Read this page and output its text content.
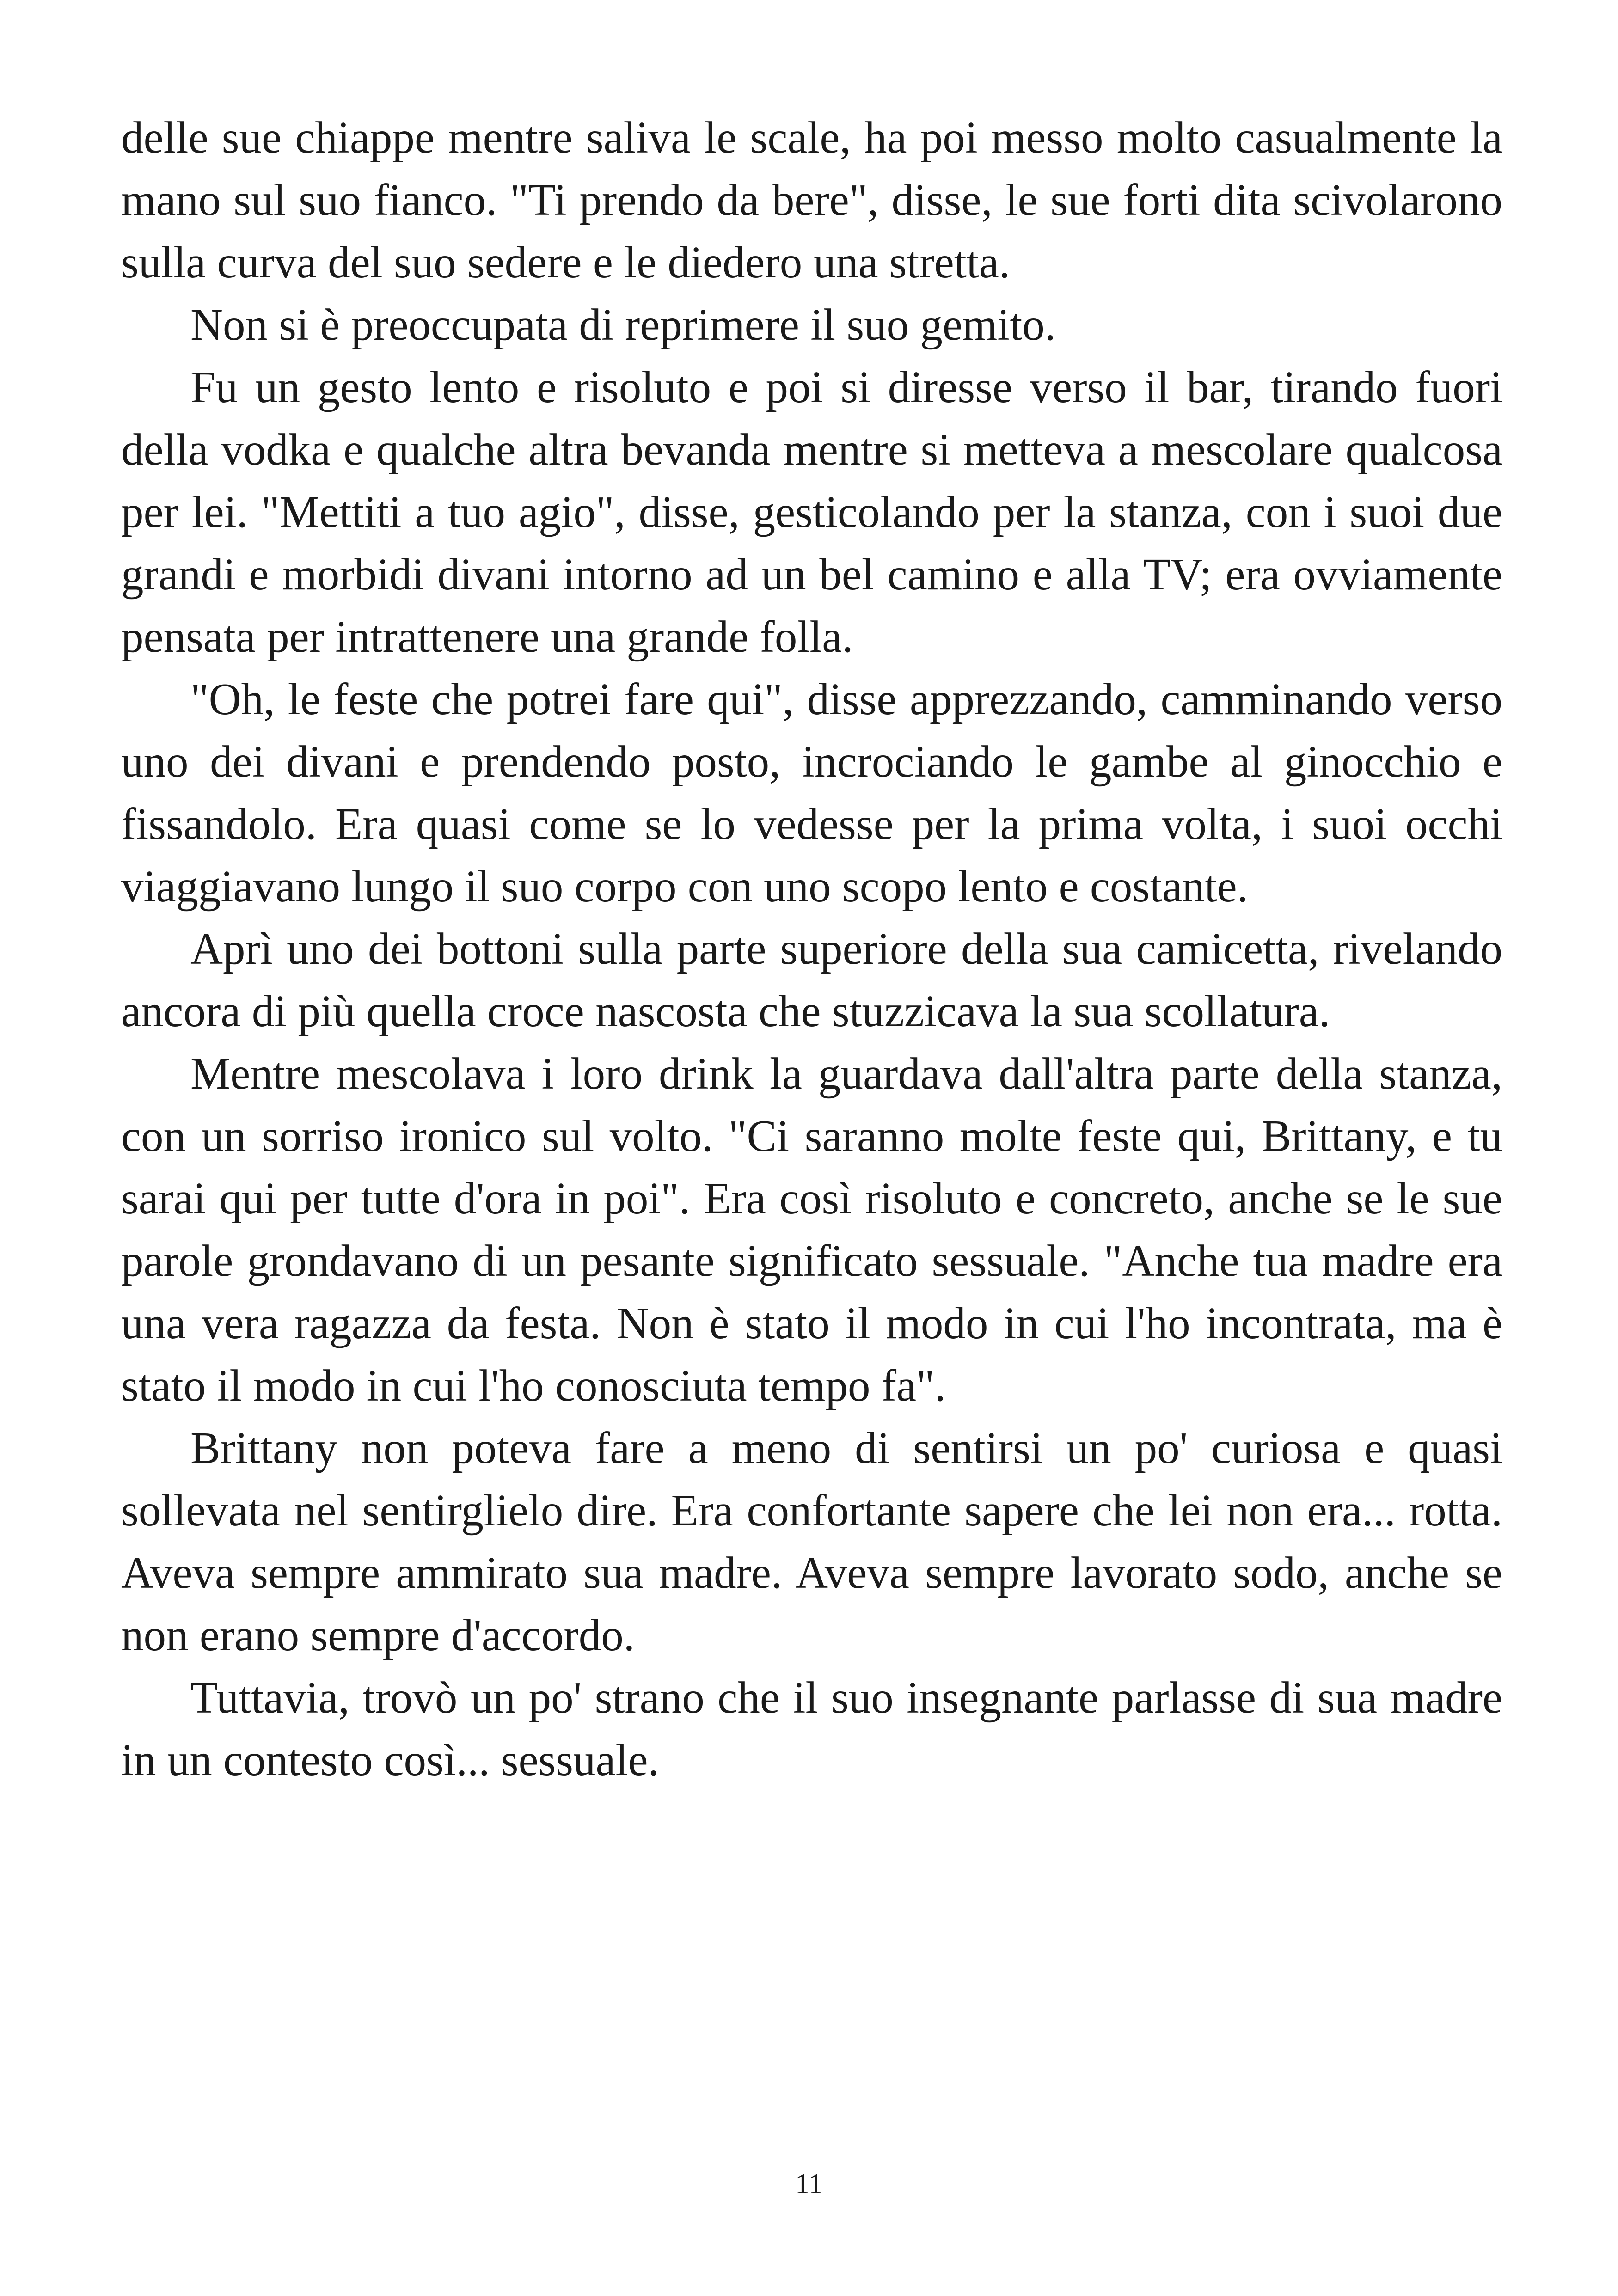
delle sue chiappe mentre saliva le scale, ha poi messo molto casualmente la mano sul suo fianco. "Ti prendo da bere", disse, le sue forti dita scivolarono sulla curva del suo sedere e le diedero una stretta.

Non si è preoccupata di reprimere il suo gemito.

Fu un gesto lento e risoluto e poi si diresse verso il bar, tirando fuori della vodka e qualche altra bevanda mentre si metteva a mescolare qualcosa per lei. "Mettiti a tuo agio", disse, gesticolando per la stanza, con i suoi due grandi e morbidi divani intorno ad un bel camino e alla TV; era ovviamente pensata per intrattenere una grande folla.

"Oh, le feste che potrei fare qui", disse apprezzando, camminando verso uno dei divani e prendendo posto, incrociando le gambe al ginocchio e fissandolo. Era quasi come se lo vedesse per la prima volta, i suoi occhi viaggiavano lungo il suo corpo con uno scopo lento e costante.

Aprì uno dei bottoni sulla parte superiore della sua camicetta, rivelando ancora di più quella croce nascosta che stuzzicava la sua scollatura.

Mentre mescolava i loro drink la guardava dall'altra parte della stanza, con un sorriso ironico sul volto. "Ci saranno molte feste qui, Brittany, e tu sarai qui per tutte d'ora in poi". Era così risoluto e concreto, anche se le sue parole grondavano di un pesante significato sessuale. "Anche tua madre era una vera ragazza da festa. Non è stato il modo in cui l'ho incontrata, ma è stato il modo in cui l'ho conosciuta tempo fa".

Brittany non poteva fare a meno di sentirsi un po' curiosa e quasi sollevata nel sentirglielo dire. Era confortante sapere che lei non era... rotta. Aveva sempre ammirato sua madre. Aveva sempre lavorato sodo, anche se non erano sempre d'accordo.

Tuttavia, trovò un po' strano che il suo insegnante parlasse di sua madre in un contesto così... sessuale.

11
